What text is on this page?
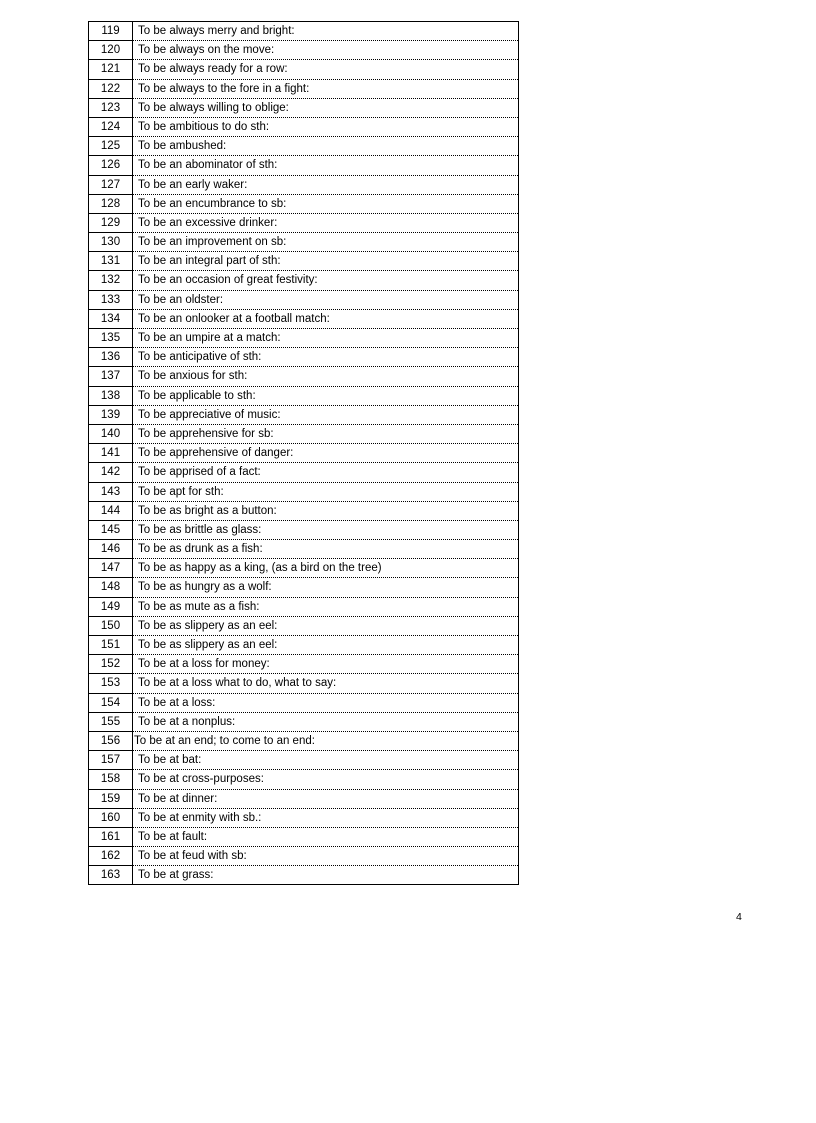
119	To be always merry and bright:
120	To be always on the move:
121	To be always ready for a row:
122	To be always to the fore in a fight:
123	To be always willing to oblige:
124	To be ambitious to do sth:
125	To be ambushed:
126	To be an abominator of sth:
127	To be an early waker:
128	To be an encumbrance to sb:
129	To be an excessive drinker:
130	To be an improvement on sb:
131	To be an integral part of sth:
132	To be an occasion of great festivity:
133	To be an oldster:
134	To be an onlooker at a football match:
135	To be an umpire at a match:
136	To be anticipative of sth:
137	To be anxious for sth:
138	To be applicable to sth:
139	To be appreciative of music:
140	To be apprehensive for sb:
141	To be apprehensive of danger:
142	To be apprised of a fact:
143	To be apt for sth:
144	To be as bright as a button:
145	To be as brittle as glass:
146	To be as drunk as a fish:
147	To be as happy as a king, (as a bird on the tree)
148	To be as hungry as a wolf:
149	To be as mute as a fish:
150	To be as slippery as an eel:
151	To be as slippery as an eel:
152	To be at a loss for money:
153	To be at a loss what to do, what to say:
154	To be at a loss:
155	To be at a nonplus:
156	To be at an end; to come to an end:
157	To be at bat:
158	To be at cross-purposes:
159	To be at dinner:
160	To be at enmity with sb.:
161	To be at fault:
162	To be at feud with sb:
163	To be at grass:
4
